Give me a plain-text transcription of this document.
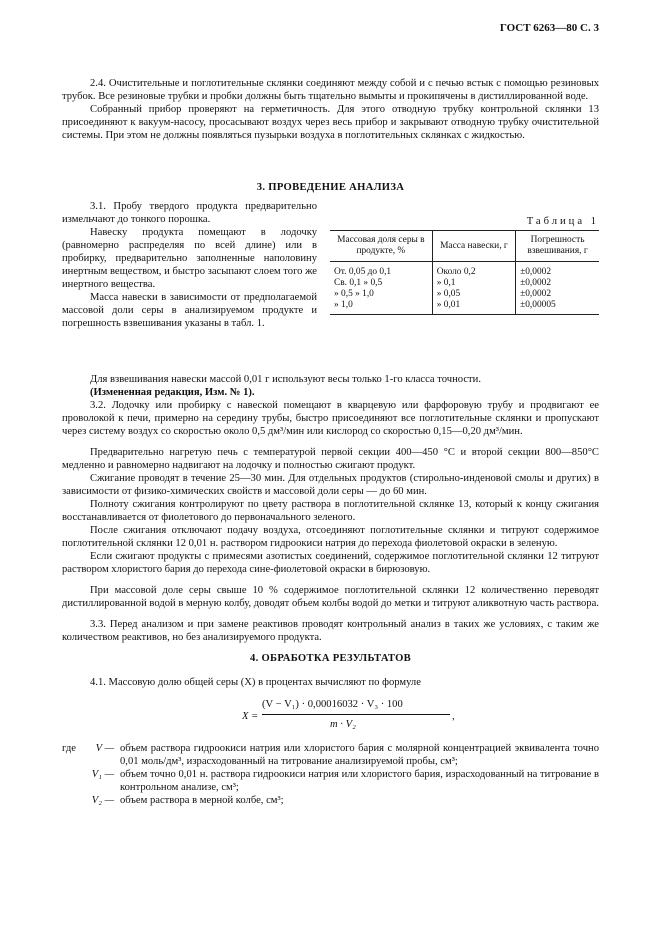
ГОСТ 6263—80 С. 3

2.4. Очистительные и поглотительные склянки соединяют между собой и с печью встык с помощью резиновых трубок. Все резиновые трубки и пробки должны быть тщательно вымыты и прокипячены в дистиллированной воде.

Собранный прибор проверяют на герметичность. Для этого отводную трубку контрольной склянки 13 присоединяют к вакуум-насосу, просасывают воздух через весь прибор и закрывают отводную трубку очистительной системы. При этом не должны появляться пузырьки воздуха в поглотительных склянках с жидкостью.

3. ПРОВЕДЕНИЕ АНАЛИЗА

3.1. Пробу твердого продукта предварительно измельчают до тонкого порошка.

Навеску продукта помещают в лодочку (равномерно распределяя по всей длине) или в пробирку, предварительно заполненные наполовину инертным веществом, и быстро засыпают слоем того же инертного вещества.

Масса навески в зависимости от предполагаемой массовой доли серы в анализируемом продукте и погрешность взвешивания указаны в табл. 1.

Таблица 1
Массовая доля серы в продукте, %	Масса навески, г	Погрешность взвешивания, г
От. 0,05 до 0,1	Около 0,2	±0,0002
Св. 0,1 » 0,5	» 0,1	±0,0002
» 0,5 » 1,0	» 0,05	±0,0002
» 1,0	» 0,01	±0,00005

Для взвешивания навески массой 0,01 г используют весы только 1-го класса точности.

(Измененная редакция, Изм. № 1).

3.2. Лодочку или пробирку с навеской помещают в кварцевую или фарфоровую трубу и продвигают ее проволокой к печи, примерно на середину трубы, быстро присоединяют все поглотительные склянки и пропускают через систему воздух со скоростью около 0,5 дм³/мин или кислород со скоростью 0,15—0,20 дм³/мин.

Предварительно нагретую печь с температурой первой секции 400—450 °С и второй секции 800—850°С медленно и равномерно надвигают на лодочку и полностью сжигают продукт.

Сжигание проводят в течение 25—30 мин. Для отдельных продуктов (стирольно-инденовой смолы и других) в зависимости от физико-химических свойств и массовой доли серы — до 60 мин.

Полноту сжигания контролируют по цвету раствора в поглотительной склянке 13, который к концу сжигания восстанавливается от фиолетового до первоначального зеленого.

После сжигания отключают подачу воздуха, отсоединяют поглотительные склянки и титруют содержимое поглотительной склянки 12 0,01 н. раствором гидроокиси натрия до перехода фиолетовой окраски в зеленую.

Если сжигают продукты с примесями азотистых соединений, содержимое поглотительной склянки 12 титруют раствором хлористого бария до перехода сине-фиолетовой окраски в бирюзовую.

При массовой доле серы свыше 10 % содержимое поглотительной склянки 12 количественно переводят дистиллированной водой в мерную колбу, доводят объем колбы водой до метки и титруют аликвотную часть раствора.

3.3. Перед анализом и при замене реактивов проводят контрольный анализ в таких же условиях, с таким же количеством реактивов, но без анализируемого продукта.

4. ОБРАБОТКА РЕЗУЛЬТАТОВ

4.1. Массовую долю общей серы (X) в процентах вычисляют по формуле

X =
(V − V₁) · 0,00016032 · V₃ · 100
m · V₂
,
где V — объем раствора гидроокиси натрия или хлористого бария с молярной концентрацией эквивалента точно 0,01 моль/дм³, израсходованный на титрование анализируемой пробы, см³;
V₁ — объем точно 0,01 н. раствора гидроокиси натрия или хлористого бария, израсходованный на титрование в контрольном анализе, см³;
V₂ — объем раствора в мерной колбе, см³;
